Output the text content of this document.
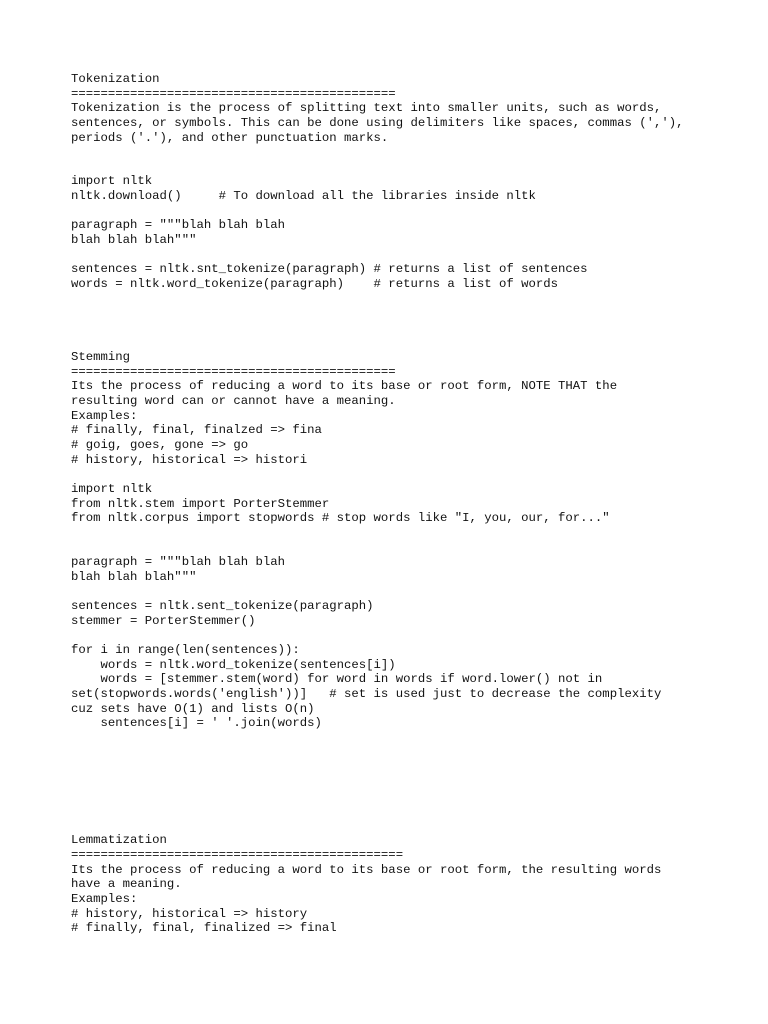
Tokenization
============================================
Tokenization is the process of splitting text into smaller units, such as words,
sentences, or symbols. This can be done using delimiters like spaces, commas (','),
periods ('.'), and other punctuation marks.
import nltk
nltk.download()     # To download all the libraries inside nltk
paragraph = """blah blah blah
blah blah blah"""
sentences = nltk.snt_tokenize(paragraph) # returns a list of sentences
words = nltk.word_tokenize(paragraph)    # returns a list of words
Stemming
============================================
Its the process of reducing a word to its base or root form, NOTE THAT the
resulting word can or cannot have a meaning.
Examples:
# finally, final, finalzed => fina
# goig, goes, gone => go
# history, historical => histori
import nltk
from nltk.stem import PorterStemmer
from nltk.corpus import stopwords # stop words like "I, you, our, for..."
paragraph = """blah blah blah
blah blah blah"""
sentences = nltk.sent_tokenize(paragraph)
stemmer = PorterStemmer()
for i in range(len(sentences)):
words = nltk.word_tokenize(sentences[i])
words = [stemmer.stem(word) for word in words if word.lower() not in
set(stopwords.words('english'))]   # set is used just to decrease the complexity
cuz sets have O(1) and lists O(n)
sentences[i] = ' '.join(words)
Lemmatization
=============================================
Its the process of reducing a word to its base or root form, the resulting words
have a meaning.
Examples:
# history, historical => history
# finally, final, finalized => final
